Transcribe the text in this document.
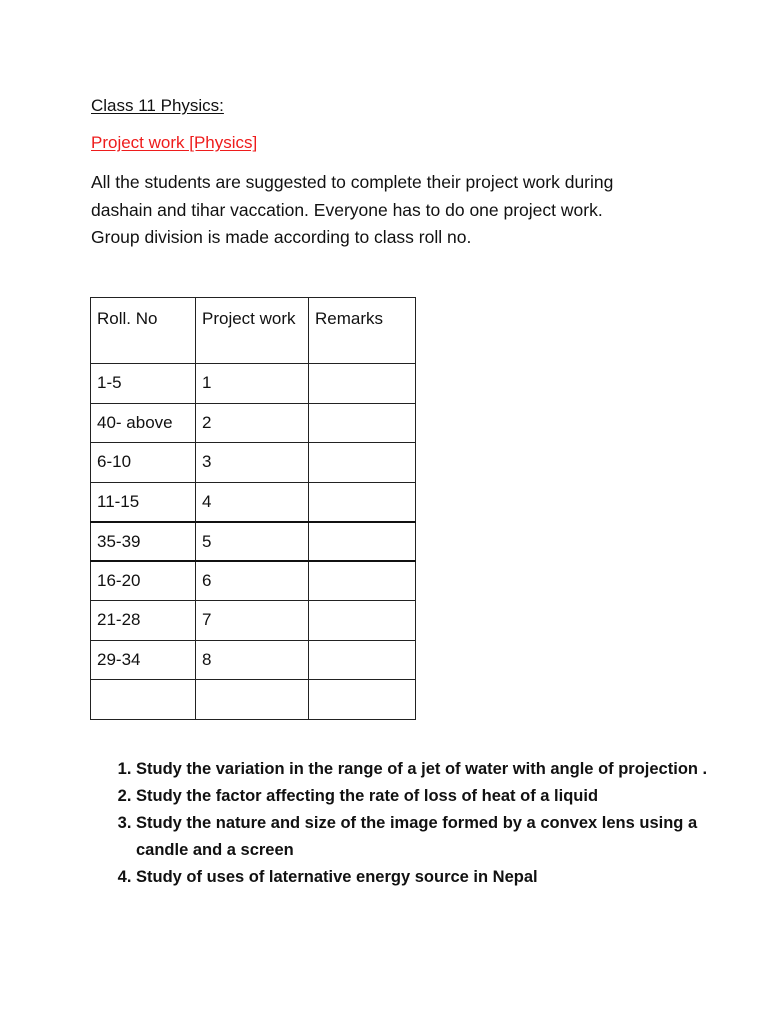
Class 11 Physics:
Project work [Physics]
All the students are suggested to complete their project work during
dashain and tihar vaccation. Everyone has to do one project work.
Group division is made according to class roll no.
Roll. No	Project work	Remarks
1-5	1	
40- above	2	
6-10	3	
11-15	4	
35-39	5	
16-20	6	
21-28	7	
29-34	8	

1. Study the variation in the range of a jet of water with angle of projection .
2. Study the factor affecting the rate of loss of heat of a liquid
3. Study the nature and size of the image formed by a convex lens using a candle and a screen
4. Study of uses of laternative energy source in Nepal
